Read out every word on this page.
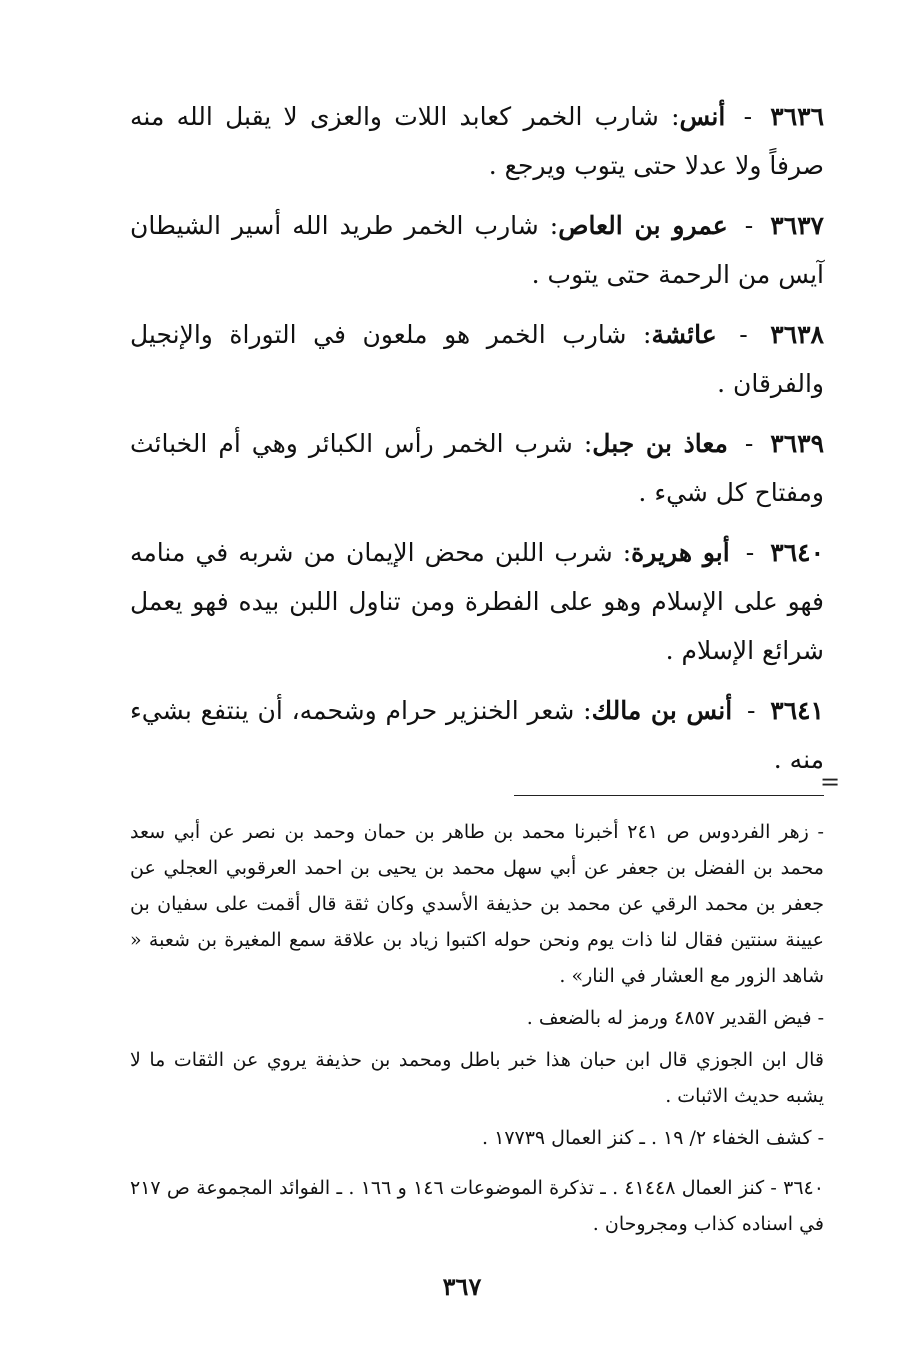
٣٦٣٦ - أنس: شارب الخمر كعابد اللات والعزى لا يقبل الله منه صرفاً ولا عدلا حتى يتوب ويرجع .
٣٦٣٧ - عمرو بن العاص: شارب الخمر طريد الله أسير الشيطان آيس من الرحمة حتى يتوب .
٣٦٣٨ - عائشة: شارب الخمر هو ملعون في التوراة والإنجيل والفرقان .
٣٦٣٩ - معاذ بن جبل: شرب الخمر رأس الكبائر وهي أم الخبائث ومفتاح كل شيء .
٣٦٤٠ - أبو هريرة: شرب اللبن محض الإيمان من شربه في منامه فهو على الإسلام وهو على الفطرة ومن تناول اللبن بيده فهو يعمل شرائع الإسلام .
٣٦٤١ - أنس بن مالك: شعر الخنزير حرام وشحمه، أن ينتفع بشيء منه .
- زهر الفردوس ص ٢٤١ أخبرنا محمد بن طاهر بن حمان وحمد بن نصر عن أبي سعد محمد بن الفضل بن جعفر عن أبي سهل محمد بن يحيى بن احمد العرقوبي العجلي عن جعفر بن محمد الرقي عن محمد بن حذيفة الأسدي وكان ثقة قال أقمت على سفيان بن عيينة سنتين فقال لنا ذات يوم ونحن حوله اكتبوا زياد بن علاقة سمع المغيرة بن شعبة « شاهد الزور مع العشار في النار» .
- فيض القدير ٤٨٥٧ ورمز له بالضعف .
قال ابن الجوزي قال ابن حبان هذا خبر باطل ومحمد بن حذيفة يروي عن الثقات ما لا يشبه حديث الاثبات .
- كشف الخفاء ٢/ ١٩ . ـ كنز العمال ١٧٧٣٩ .
٣٦٤٠ - كنز العمال ٤١٤٤٨ . ـ تذكرة الموضوعات ١٤٦ و ١٦٦ . ـ الفوائد المجموعة ص ٢١٧ في اسناده كذاب ومجروحان .
=
٣٦٧
